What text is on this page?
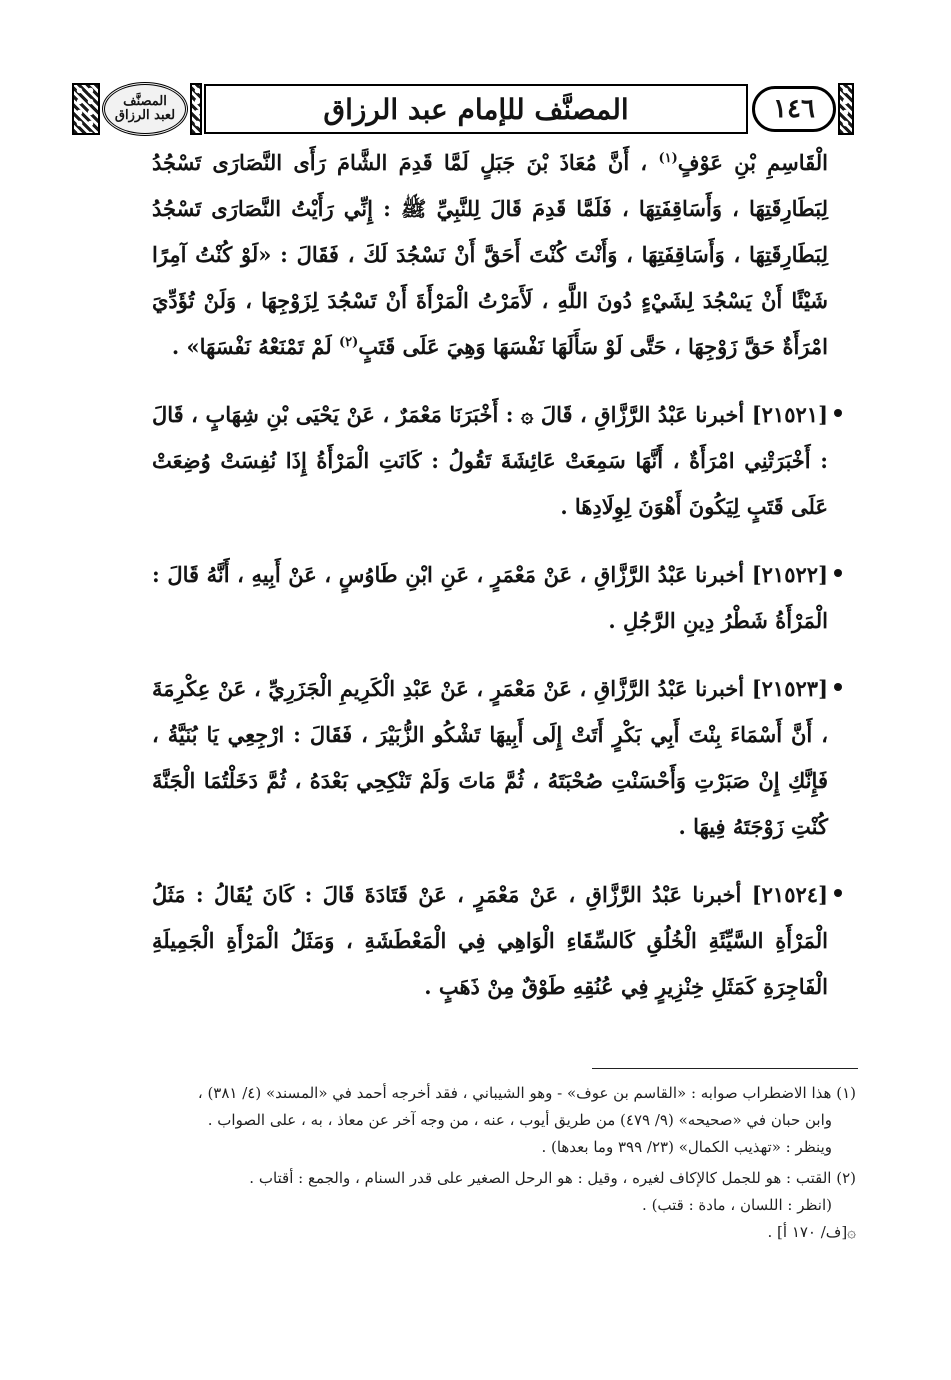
المصنَّف
لعبد الرزاق	المصنَّف للإمام عبد الرزاق	١٤٦

الْقَاسِمِ بْنِ عَوْفٍ$^{(١)}$ ، أَنَّ مُعَاذَ بْنَ جَبَلٍ لَمَّا قَدِمَ الشَّامَ رَأَى النَّصَارَى تَسْجُدُ لِبَطَارِقَتِهَا ، وَأَسَاقِفَتِهَا ، فَلَمَّا قَدِمَ قَالَ لِلنَّبِيِّ ﷺ : إِنِّي رَأَيْتُ النَّصَارَى تَسْجُدُ لِبَطَارِقَتِهَا ، وَأَسَاقِفَتِهَا ، وَأَنْتَ كُنْتَ أَحَقَّ أَنْ نَسْجُدَ لَكَ ، فَقَالَ : «لَوْ كُنْتُ آمِرًا شَيْئًا أَنْ يَسْجُدَ لِشَيْءٍ دُونَ اللَّهِ ، لَأَمَرْتُ الْمَرْأَةَ أَنْ تَسْجُدَ لِزَوْجِهَا ، وَلَنْ تُؤَدِّيَ امْرَأَةٌ حَقَّ زَوْجِهَا ، حَتَّى لَوْ سَأَلَهَا نَفْسَهَا وَهِيَ عَلَى قَتَبٍ$^{(٢)}$ لَمْ تَمْنَعْهُ نَفْسَهَا» .

[٢١٥٢١] أخبرنا عَبْدُ الرَّزَّاقِ ، قَالَ ۞ : أَخْبَرَنَا مَعْمَرٌ ، عَنْ يَحْيَى بْنِ شِهَابٍ ، قَالَ : أَخْبَرَتْنِي امْرَأَةٌ ، أَنَّهَا سَمِعَتْ عَائِشَةَ تَقُولُ : كَانَتِ الْمَرْأَةُ إِذَا نُفِسَتْ وُضِعَتْ عَلَى قَتَبٍ لِيَكُونَ أَهْوَنَ لِوِلَادِهَا .

[٢١٥٢٢] أخبرنا عَبْدُ الرَّزَّاقِ ، عَنْ مَعْمَرٍ ، عَنِ ابْنِ طَاوُسٍ ، عَنْ أَبِيهِ ، أَنَّهُ قَالَ : الْمَرْأَةُ شَطْرُ دِينِ الرَّجُلِ .

[٢١٥٢٣] أخبرنا عَبْدُ الرَّزَّاقِ ، عَنْ مَعْمَرٍ ، عَنْ عَبْدِ الْكَرِيمِ الْجَزَرِيِّ ، عَنْ عِكْرِمَةَ ، أَنَّ أَسْمَاءَ بِنْتَ أَبِي بَكْرٍ أَتَتْ إِلَى أَبِيهَا تَشْكُو الزُّبَيْرَ ، فَقَالَ : ارْجِعِي يَا بُنَيَّةُ ، فَإِنَّكِ إِنْ صَبَرْتِ وَأَحْسَنْتِ صُحْبَتَهُ ، ثُمَّ مَاتَ وَلَمْ تَنْكِحِي بَعْدَهُ ، ثُمَّ دَخَلْتُمَا الْجَنَّةَ كُنْتِ زَوْجَتَهُ فِيهَا .

[٢١٥٢٤] أخبرنا عَبْدُ الرَّزَّاقِ ، عَنْ مَعْمَرٍ ، عَنْ قَتَادَةَ قَالَ : كَانَ يُقَالُ : مَثَلُ الْمَرْأَةِ السَّيِّئَةِ الْخُلُقِ كَالسِّقَاءِ الْوَاهِي فِي الْمَعْطَشَةِ ، وَمَثَلُ الْمَرْأَةِ الْجَمِيلَةِ الْفَاجِرَةِ كَمَثَلِ خِنْزِيرٍ فِي عُنُقِهِ طَوْقٌ مِنْ ذَهَبٍ .

(١) هذا الاضطراب صوابه : «القاسم بن عوف» - وهو الشيباني ، فقد أخرجه أحمد في «المسند» (٤/ ٣٨١) ،
وابن حبان في «صحيحه» (٩/ ٤٧٩) من طريق أيوب ، عنه ، من وجه آخر عن معاذ ، به ، على الصواب .
وينظر : «تهذيب الكمال» (٢٣/ ٣٩٩ وما بعدها) .
(٢) القتب : هو للجمل كالإكاف لغيره ، وقيل : هو الرحل الصغير على قدر السنام ، والجمع : أقتاب .
(انظر : اللسان ، مادة : قتب) .
۞[ف/ ١٧٠ أ] .
